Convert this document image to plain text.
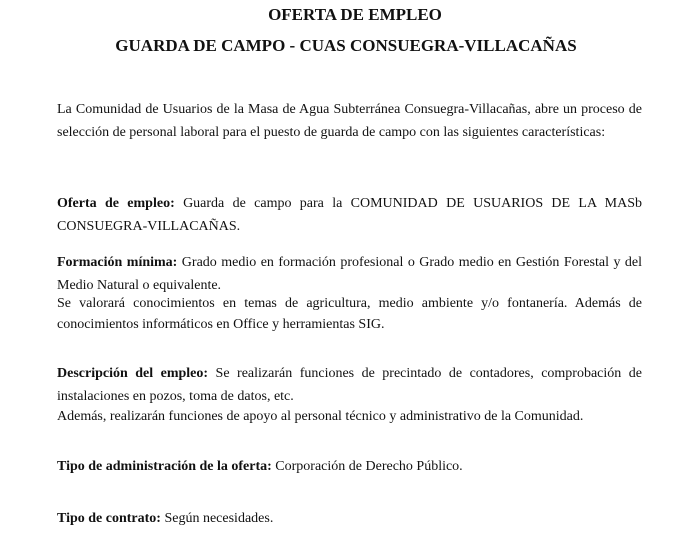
OFERTA DE EMPLEO
GUARDA DE CAMPO - CUAS CONSUEGRA-VILLACAÑAS

La Comunidad de Usuarios de la Masa de Agua Subterránea Consuegra-Villacañas, abre un proceso de selección de personal laboral para el puesto de guarda de campo con las siguientes características:

Oferta de empleo: Guarda de campo para la COMUNIDAD DE USUARIOS DE LA MASb CONSUEGRA-VILLACAÑAS.

Formación mínima: Grado medio en formación profesional o Grado medio en Gestión Forestal y del Medio Natural o equivalente.

Se valorará conocimientos en temas de agricultura, medio ambiente y/o fontanería. Además de conocimientos informáticos en Office y herramientas SIG.

Descripción del empleo: Se realizarán funciones de precintado de contadores, comprobación de instalaciones en pozos, toma de datos, etc.

Además, realizarán funciones de apoyo al personal técnico y administrativo de la Comunidad.

Tipo de administración de la oferta: Corporación de Derecho Público.

Tipo de contrato: Según necesidades.
